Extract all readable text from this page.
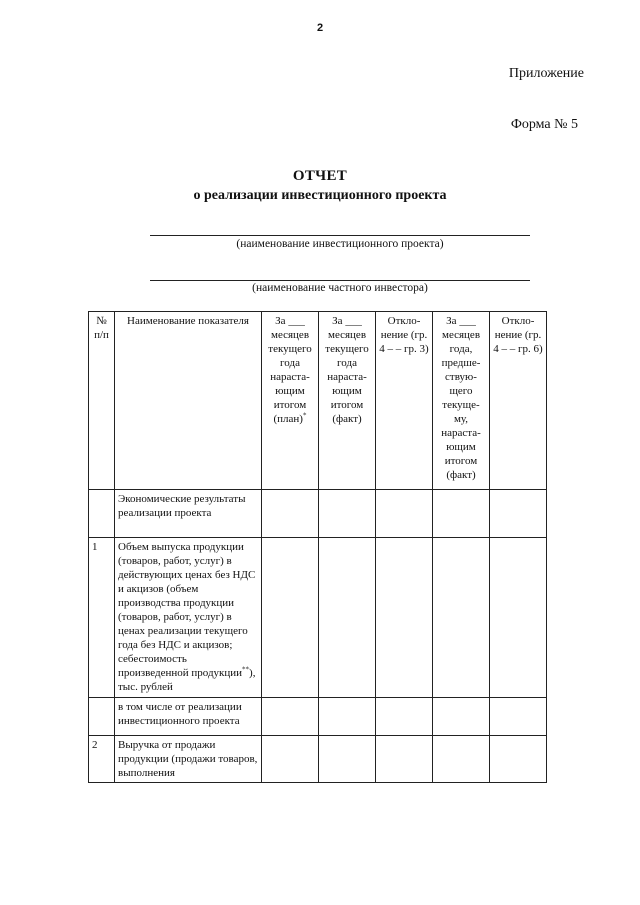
2
Приложение
Форма № 5
ОТЧЕТ
о реализации инвестиционного проекта
(наименование инвестиционного проекта)
(наименование частного инвестора)
№ п/п	Наименование показателя	За ___ месяцев текущего года нараста-ющим итогом (план)*	За ___ месяцев текущего года нараста-ющим итогом (факт)	Откло-нение (гр. 4 – – гр. 3)	За ___ месяцев года, предше-ствую-щего текуще-му, нараста-ющим итогом (факт)	Откло-нение (гр. 4 – – гр. 6)
	Экономические результаты реализации проекта					
1	Объем выпуска продукции (товаров, работ, услуг) в действующих ценах без НДС и акцизов (объем производства продукции (товаров, работ, услуг) в ценах реализации текущего года без НДС и акцизов; себестоимость произведенной продукции**), тыс. рублей					
	в том числе от реализации инвестиционного проекта					
2	Выручка от продажи продукции (продажи товаров, выполнения					
